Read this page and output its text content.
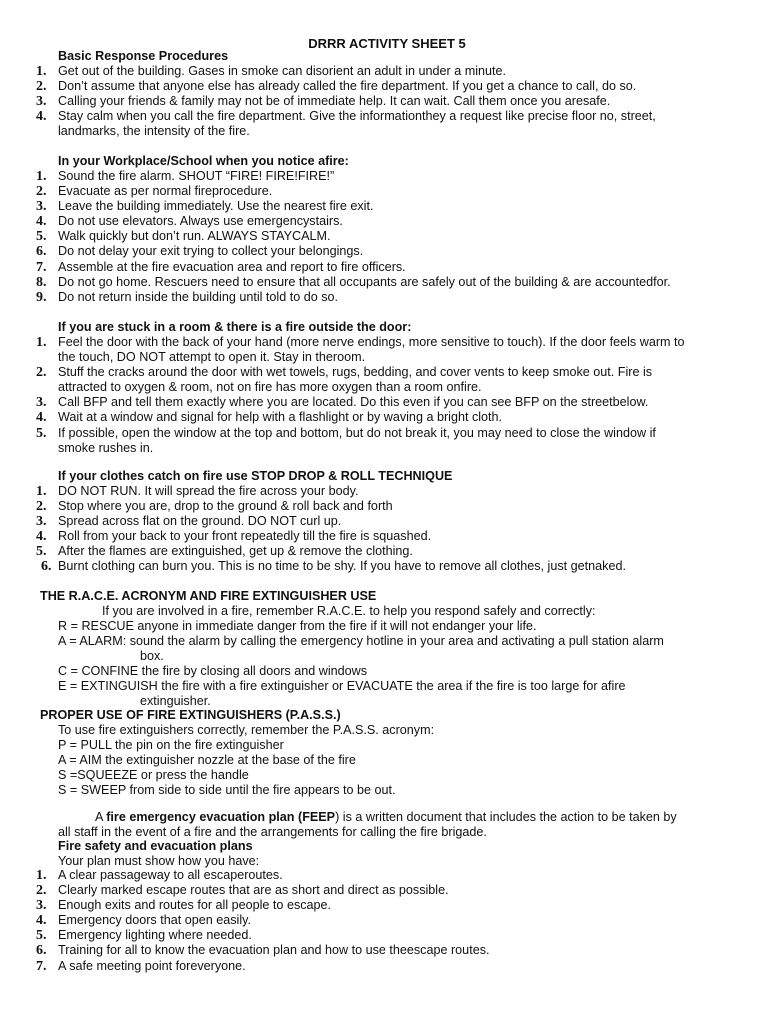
DRRR ACTIVITY SHEET 5
Basic Response Procedures
1. Get out of the building. Gases in smoke can disorient an adult in under a minute.
2. Don’t assume that anyone else has already called the fire department. If you get a chance to call, do so.
3. Calling your friends & family may not be of immediate help. It can wait. Call them once you aresafe.
4. Stay calm when you call the fire department. Give the informationthey a request like precise floor no, street, landmarks, the intensity of the fire.
In your Workplace/School when you notice afire:
1. Sound the fire alarm. SHOUT “FIRE! FIRE!FIRE!”
2. Evacuate as per normal fireprocedure.
3. Leave the building immediately. Use the nearest fire exit.
4. Do not use elevators. Always use emergencystairs.
5. Walk quickly but don’t run. ALWAYS STAYCALM.
6. Do not delay your exit trying to collect your belongings.
7. Assemble at the fire evacuation area and report to fire officers.
8. Do not go home. Rescuers need to ensure that all occupants are safely out of the building & are accountedfor.
9. Do not return inside the building until told to do so.
If you are stuck in a room & there is a fire outside the door:
1. Feel the door with the back of your hand (more nerve endings, more sensitive to touch). If the door feels warm to the touch, DO NOT attempt to open it. Stay in theroom.
2. Stuff the cracks around the door with wet towels, rugs, bedding, and cover vents to keep smoke out. Fire is attracted to oxygen & room, not on fire has more oxygen than a room onfire.
3. Call BFP and tell them exactly where you are located. Do this even if you can see BFP on the streetbelow.
4. Wait at a window and signal for help with a flashlight or by waving a bright cloth.
5. If possible, open the window at the top and bottom, but do not break it, you may need to close the window if smoke rushes in.
If your clothes catch on fire use STOP DROP & ROLL TECHNIQUE
1. DO NOT RUN. It will spread the fire across your body.
2. Stop where you are, drop to the ground & roll back and forth
3. Spread across flat on the ground. DO NOT curl up.
4. Roll from your back to your front repeatedly till the fire is squashed.
5. After the flames are extinguished, get up & remove the clothing.
6. Burnt clothing can burn you. This is no time to be shy. If you have to remove all clothes, just getnaked.
THE R.A.C.E. ACRONYM AND FIRE EXTINGUISHER USE
If you are involved in a fire, remember R.A.C.E. to help you respond safely and correctly:
R = RESCUE anyone in immediate danger from the fire if it will not endanger your life.
A = ALARM: sound the alarm by calling the emergency hotline in your area and activating a pull station alarm
box.
C = CONFINE the fire by closing all doors and windows
E = EXTINGUISH the fire with a fire extinguisher or EVACUATE the area if the fire is too large for afire
extinguisher.
PROPER USE OF FIRE EXTINGUISHERS (P.A.S.S.)
To use fire extinguishers correctly, remember the P.A.S.S. acronym:
P = PULL the pin on the fire extinguisher
A = AIM the extinguisher nozzle at the base of the fire
S =SQUEEZE or press the handle
S = SWEEP from side to side until the fire appears to be out.
A fire emergency evacuation plan (FEEP) is a written document that includes the action to be taken by
all staff in the event of a fire and the arrangements for calling the fire brigade.
Fire safety and evacuation plans
Your plan must show how you have:
1. A clear passageway to all escaperoutes.
2. Clearly marked escape routes that are as short and direct as possible.
3. Enough exits and routes for all people to escape.
4. Emergency doors that open easily.
5. Emergency lighting where needed.
6. Training for all to know the evacuation plan and how to use theescape routes.
7. A safe meeting point foreveryone.
